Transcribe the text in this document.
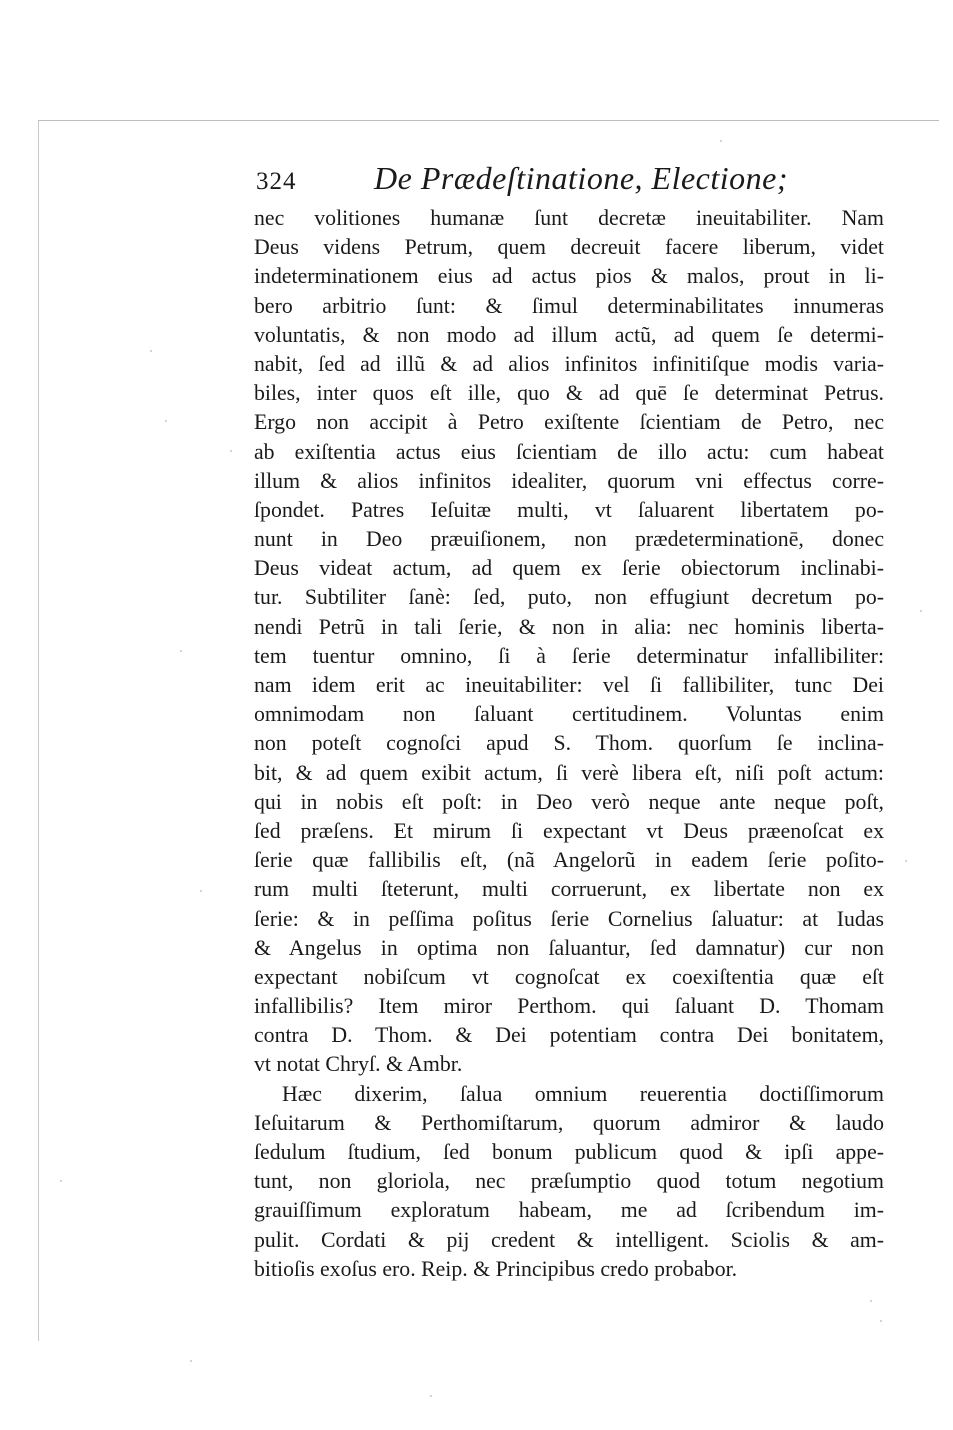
324 De Prædeſtinatione, Electione;
nec volitiones humanæ ſunt decretæ ineuitabiliter. Nam
Deus videns Petrum, quem decreuit facere liberum, videt
indeterminationem eius ad actus pios & malos, prout in li-
bero arbitrio ſunt: & ſimul determinabilitates innumeras
voluntatis, & non modo ad illum actũ, ad quem ſe determi-
nabit, ſed ad illũ & ad alios infinitos infinitiſque modis varia-
biles, inter quos eſt ille, quo & ad quē ſe determinat Petrus.
Ergo non accipit à Petro exiſtente ſcientiam de Petro, nec
ab exiſtentia actus eius ſcientiam de illo actu: cum habeat
illum & alios infinitos idealiter, quorum vni effectus corre-
ſpondet. Patres Ieſuitæ multi, vt ſaluarent libertatem po-
nunt in Deo præuiſionem, non prædeterminationē, donec
Deus videat actum, ad quem ex ſerie obiectorum inclinabi-
tur. Subtiliter ſanè: ſed, puto, non effugiunt decretum po-
nendi Petrũ in tali ſerie, & non in alia: nec hominis liberta-
tem tuentur omnino, ſi à ſerie determinatur infallibiliter:
nam idem erit ac ineuitabiliter: vel ſi fallibiliter, tunc Dei
omnimodam non ſaluant certitudinem. Voluntas enim
non poteſt cognoſci apud S. Thom. quorſum ſe inclina-
bit, & ad quem exibit actum, ſi verè libera eſt, niſi poſt actum:
qui in nobis eſt poſt: in Deo verò neque ante neque poſt,
ſed præſens. Et mirum ſi expectant vt Deus præenoſcat ex
ſerie quæ fallibilis eſt, (nã Angelorũ in eadem ſerie poſito-
rum multi ſteterunt, multi corruerunt, ex libertate non ex
ſerie: & in peſſima poſitus ſerie Cornelius ſaluatur: at Iudas
& Angelus in optima non ſaluantur, ſed damnatur) cur non
expectant nobiſcum vt cognoſcat ex coexiſtentia quæ eſt
infallibilis? Item miror Perthom. qui ſaluant D. Thomam
contra D. Thom. & Dei potentiam contra Dei bonitatem,
vt notat Chryſ. & Ambr.
Hæc dixerim, ſalua omnium reuerentia doctiſſimorum
Ieſuitarum & Perthomiſtarum, quorum admiror & laudo
ſedulum ſtudium, ſed bonum publicum quod & ipſi appe-
tunt, non gloriola, nec præſumptio quod totum negotium
grauiſſimum exploratum habeam, me ad ſcribendum im-
pulit. Cordati & pij credent & intelligent. Sciolis & am-
bitioſis exoſus ero. Reip. & Principibus credo probabor.
